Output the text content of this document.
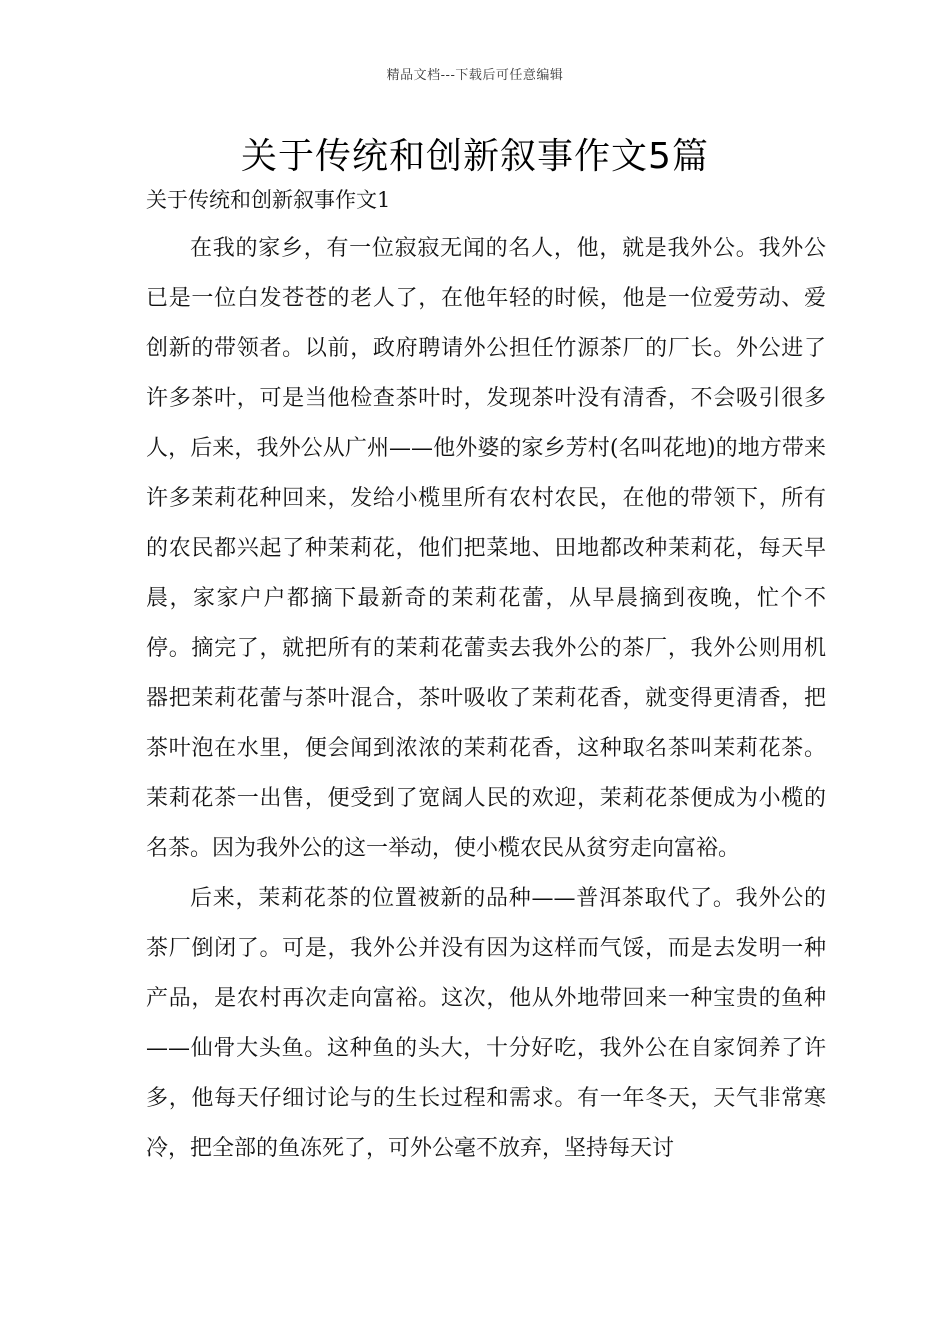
精品文档---下载后可任意编辑
关于传统和创新叙事作文5篇
关于传统和创新叙事作文1

在我的家乡，有一位寂寂无闻的名人，他，就是我外公。我外公已是一位白发苍苍的老人了，在他年轻的时候，他是一位爱劳动、爱创新的带领者。以前，政府聘请外公担任竹源茶厂的厂长。外公进了许多茶叶，可是当他检查茶叶时，发现茶叶没有清香，不会吸引很多人，后来，我外公从广州——他外婆的家乡芳村(名叫花地)的地方带来许多茉莉花种回来，发给小榄里所有农村农民，在他的带领下，所有的农民都兴起了种茉莉花，他们把菜地、田地都改种茉莉花，每天早晨，家家户户都摘下最新奇的茉莉花蕾，从早晨摘到夜晚，忙个不停。摘完了，就把所有的茉莉花蕾卖去我外公的茶厂，我外公则用机器把茉莉花蕾与茶叶混合，茶叶吸收了茉莉花香，就变得更清香，把茶叶泡在水里，便会闻到浓浓的茉莉花香，这种取名茶叫茉莉花茶。茉莉花茶一出售，便受到了宽阔人民的欢迎，茉莉花茶便成为小榄的名茶。因为我外公的这一举动，使小榄农民从贫穷走向富裕。

后来，茉莉花茶的位置被新的品种——普洱茶取代了。我外公的茶厂倒闭了。可是，我外公并没有因为这样而气馁，而是去发明一种产品，是农村再次走向富裕。这次，他从外地带回来一种宝贵的鱼种——仙骨大头鱼。这种鱼的头大，十分好吃，我外公在自家饲养了许多，他每天仔细讨论与的生长过程和需求。有一年冬天，天气非常寒冷，把全部的鱼冻死了，可外公毫不放弃，坚持每天讨
